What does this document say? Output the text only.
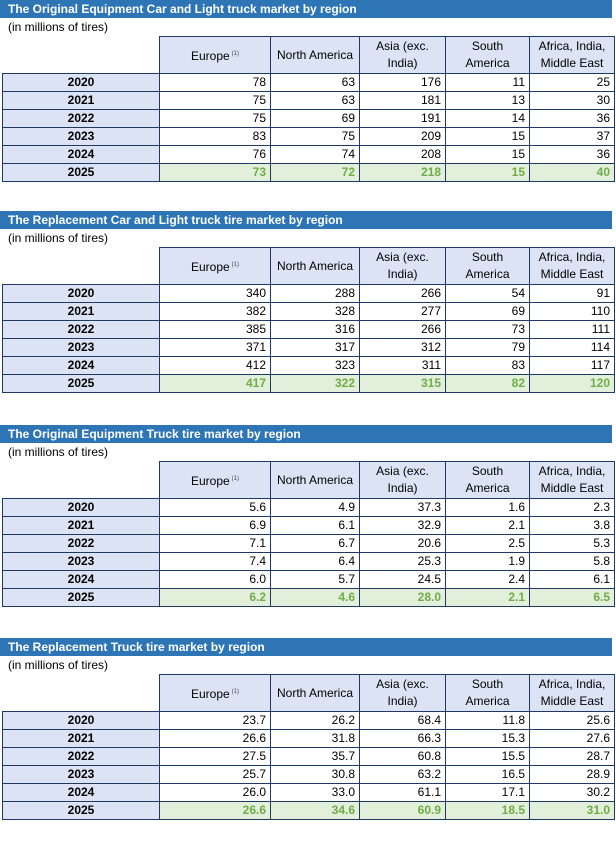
The Original Equipment Car and Light truck market by region
(in millions of tires)
	Europe $^{(1)}$	North America	Asia (exc. India)	South America	Africa, India, Middle East
2020	78	63	176	11	25
2021	75	63	181	13	30
2022	75	69	191	14	36
2023	83	75	209	15	37
2024	76	74	208	15	36
2025	73	72	218	15	40
The Replacement Car and Light truck tire market by region
(in millions of tires)
	Europe $^{(1)}$	North America	Asia (exc. India)	South America	Africa, India, Middle East
2020	340	288	266	54	91
2021	382	328	277	69	110
2022	385	316	266	73	111
2023	371	317	312	79	114
2024	412	323	311	83	117
2025	417	322	315	82	120
The Original Equipment Truck tire market by region
(in millions of tires)
	Europe $^{(1)}$	North America	Asia (exc. India)	South America	Africa, India, Middle East
2020	5.6	4.9	37.3	1.6	2.3
2021	6.9	6.1	32.9	2.1	3.8
2022	7.1	6.7	20.6	2.5	5.3
2023	7.4	6.4	25.3	1.9	5.8
2024	6.0	5.7	24.5	2.4	6.1
2025	6.2	4.6	28.0	2.1	6.5
The Replacement Truck tire market by region
(in millions of tires)
	Europe $^{(1)}$	North America	Asia (exc. India)	South America	Africa, India, Middle East
2020	23.7	26.2	68.4	11.8	25.6
2021	26.6	31.8	66.3	15.3	27.6
2022	27.5	35.7	60.8	15.5	28.7
2023	25.7	30.8	63.2	16.5	28.9
2024	26.0	33.0	61.1	17.1	30.2
2025	26.6	34.6	60.9	18.5	31.0
